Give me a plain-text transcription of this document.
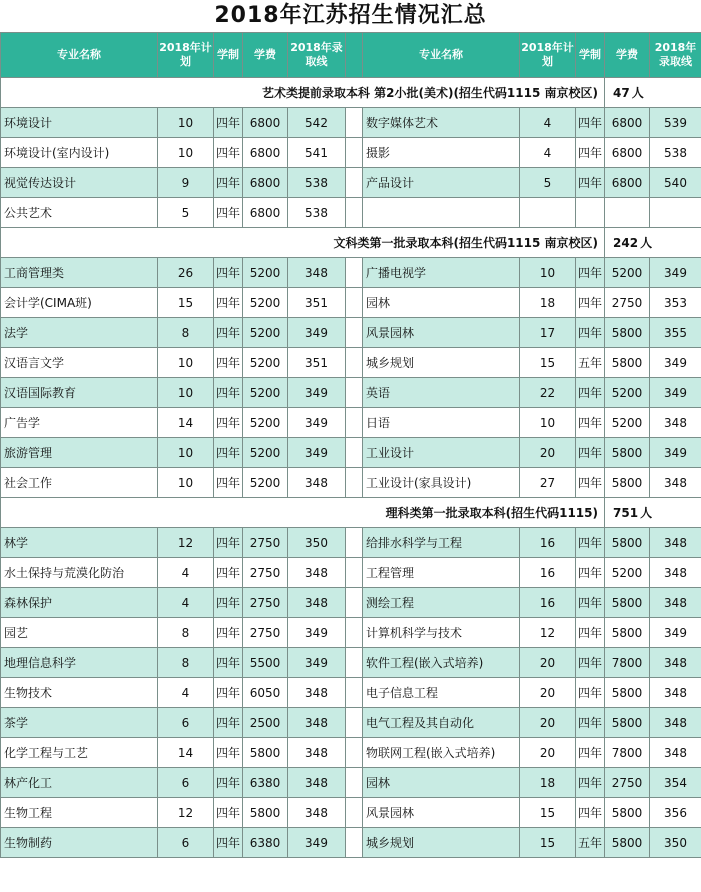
2018年江苏招生情况汇总
专业名称	2018年计划	学制	学费	2018年录取线		专业名称	2018年计划	学制	学费	2018年录取线
艺术类提前录取本科 第2小批(美术)(招生代码1115 南京校区)									47 人	
环境设计	10	四年	6800	542		数字媒体艺术	4	四年	6800	539
环境设计(室内设计)	10	四年	6800	541		摄影	4	四年	6800	538
视觉传达设计	9	四年	6800	538		产品设计	5	四年	6800	540
公共艺术	5	四年	6800	538						
文科类第一批录取本科(招生代码1115 南京校区)									242 人	
工商管理类	26	四年	5200	348		广播电视学	10	四年	5200	349
会计学(CIMA班)	15	四年	5200	351		园林	18	四年	2750	353
法学	8	四年	5200	349		风景园林	17	四年	5800	355
汉语言文学	10	四年	5200	351		城乡规划	15	五年	5800	349
汉语国际教育	10	四年	5200	349		英语	22	四年	5200	349
广告学	14	四年	5200	349		日语	10	四年	5200	348
旅游管理	10	四年	5200	349		工业设计	20	四年	5800	349
社会工作	10	四年	5200	348		工业设计(家具设计)	27	四年	5800	348
理科类第一批录取本科(招生代码1115)									751 人	
林学	12	四年	2750	350		给排水科学与工程	16	四年	5800	348
水土保持与荒漠化防治	4	四年	2750	348		工程管理	16	四年	5200	348
森林保护	4	四年	2750	348		测绘工程	16	四年	5800	348
园艺	8	四年	2750	349		计算机科学与技术	12	四年	5800	349
地理信息科学	8	四年	5500	349		软件工程(嵌入式培养)	20	四年	7800	348
生物技术	4	四年	6050	348		电子信息工程	20	四年	5800	348
茶学	6	四年	2500	348		电气工程及其自动化	20	四年	5800	348
化学工程与工艺	14	四年	5800	348		物联网工程(嵌入式培养)	20	四年	7800	348
林产化工	6	四年	6380	348		园林	18	四年	2750	354
生物工程	12	四年	5800	348		风景园林	15	四年	5800	356
生物制药	6	四年	6380	349		城乡规划	15	五年	5800	350
